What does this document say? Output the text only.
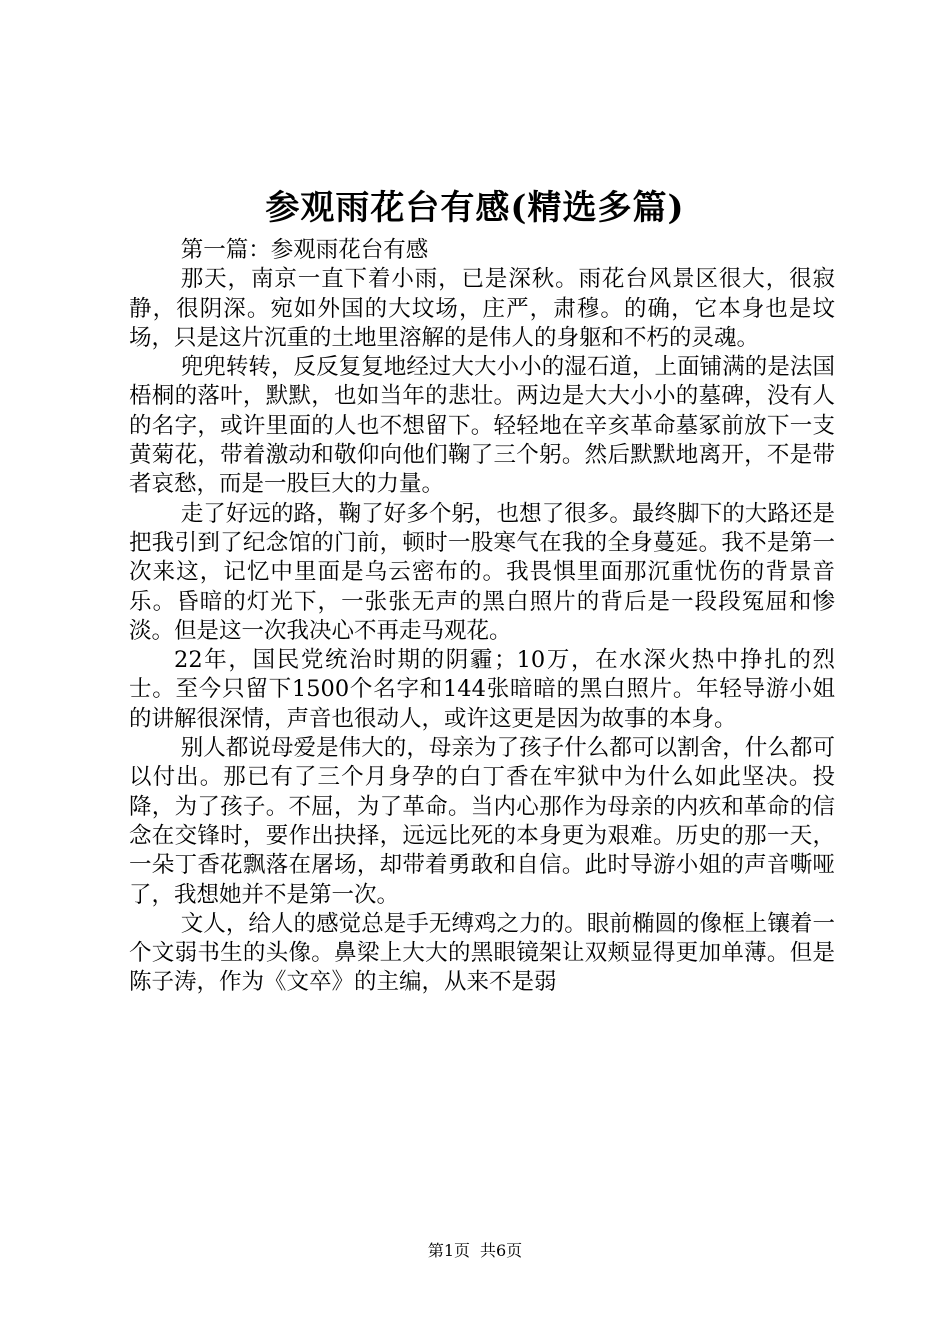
参观雨花台有感(精选多篇)

第一篇：参观雨花台有感

那天，南京一直下着小雨，已是深秋。雨花台风景区很大，很寂静，很阴深。宛如外国的大坟场，庄严，肃穆。的确，它本身也是坟场，只是这片沉重的土地里溶解的是伟人的身躯和不朽的灵魂。

兜兜转转，反反复复地经过大大小小的湿石道，上面铺满的是法国梧桐的落叶，默默，也如当年的悲壮。两边是大大小小的墓碑，没有人的名字，或许里面的人也不想留下。轻轻地在辛亥革命墓冢前放下一支黄菊花，带着激动和敬仰向他们鞠了三个躬。然后默默地离开，不是带者哀愁，而是一股巨大的力量。

走了好远的路，鞠了好多个躬，也想了很多。最终脚下的大路还是把我引到了纪念馆的门前，顿时一股寒气在我的全身蔓延。我不是第一次来这，记忆中里面是乌云密布的。我畏惧里面那沉重忧伤的背景音乐。昏暗的灯光下，一张张无声的黑白照片的背后是一段段冤屈和惨淡。但是这一次我决心不再走马观花。

22年，国民党统治时期的阴霾；10万，在水深火热中挣扎的烈士。至今只留下1500个名字和144张暗暗的黑白照片。年轻导游小姐的讲解很深情，声音也很动人，或许这更是因为故事的本身。

别人都说母爱是伟大的，母亲为了孩子什么都可以割舍，什么都可以付出。那已有了三个月身孕的白丁香在牢狱中为什么如此坚决。投降，为了孩子。不屈，为了革命。当内心那作为母亲的内疚和革命的信念在交锋时，要作出抉择，远远比死的本身更为艰难。历史的那一天，一朵丁香花飘落在屠场，却带着勇敢和自信。此时导游小姐的声音嘶哑了，我想她并不是第一次。

文人，给人的感觉总是手无缚鸡之力的。眼前椭圆的像框上镶着一个文弱书生的头像。鼻梁上大大的黑眼镜架让双颊显得更加单薄。但是陈子涛，作为《文卒》的主编，从来不是弱

第1页 共6页
